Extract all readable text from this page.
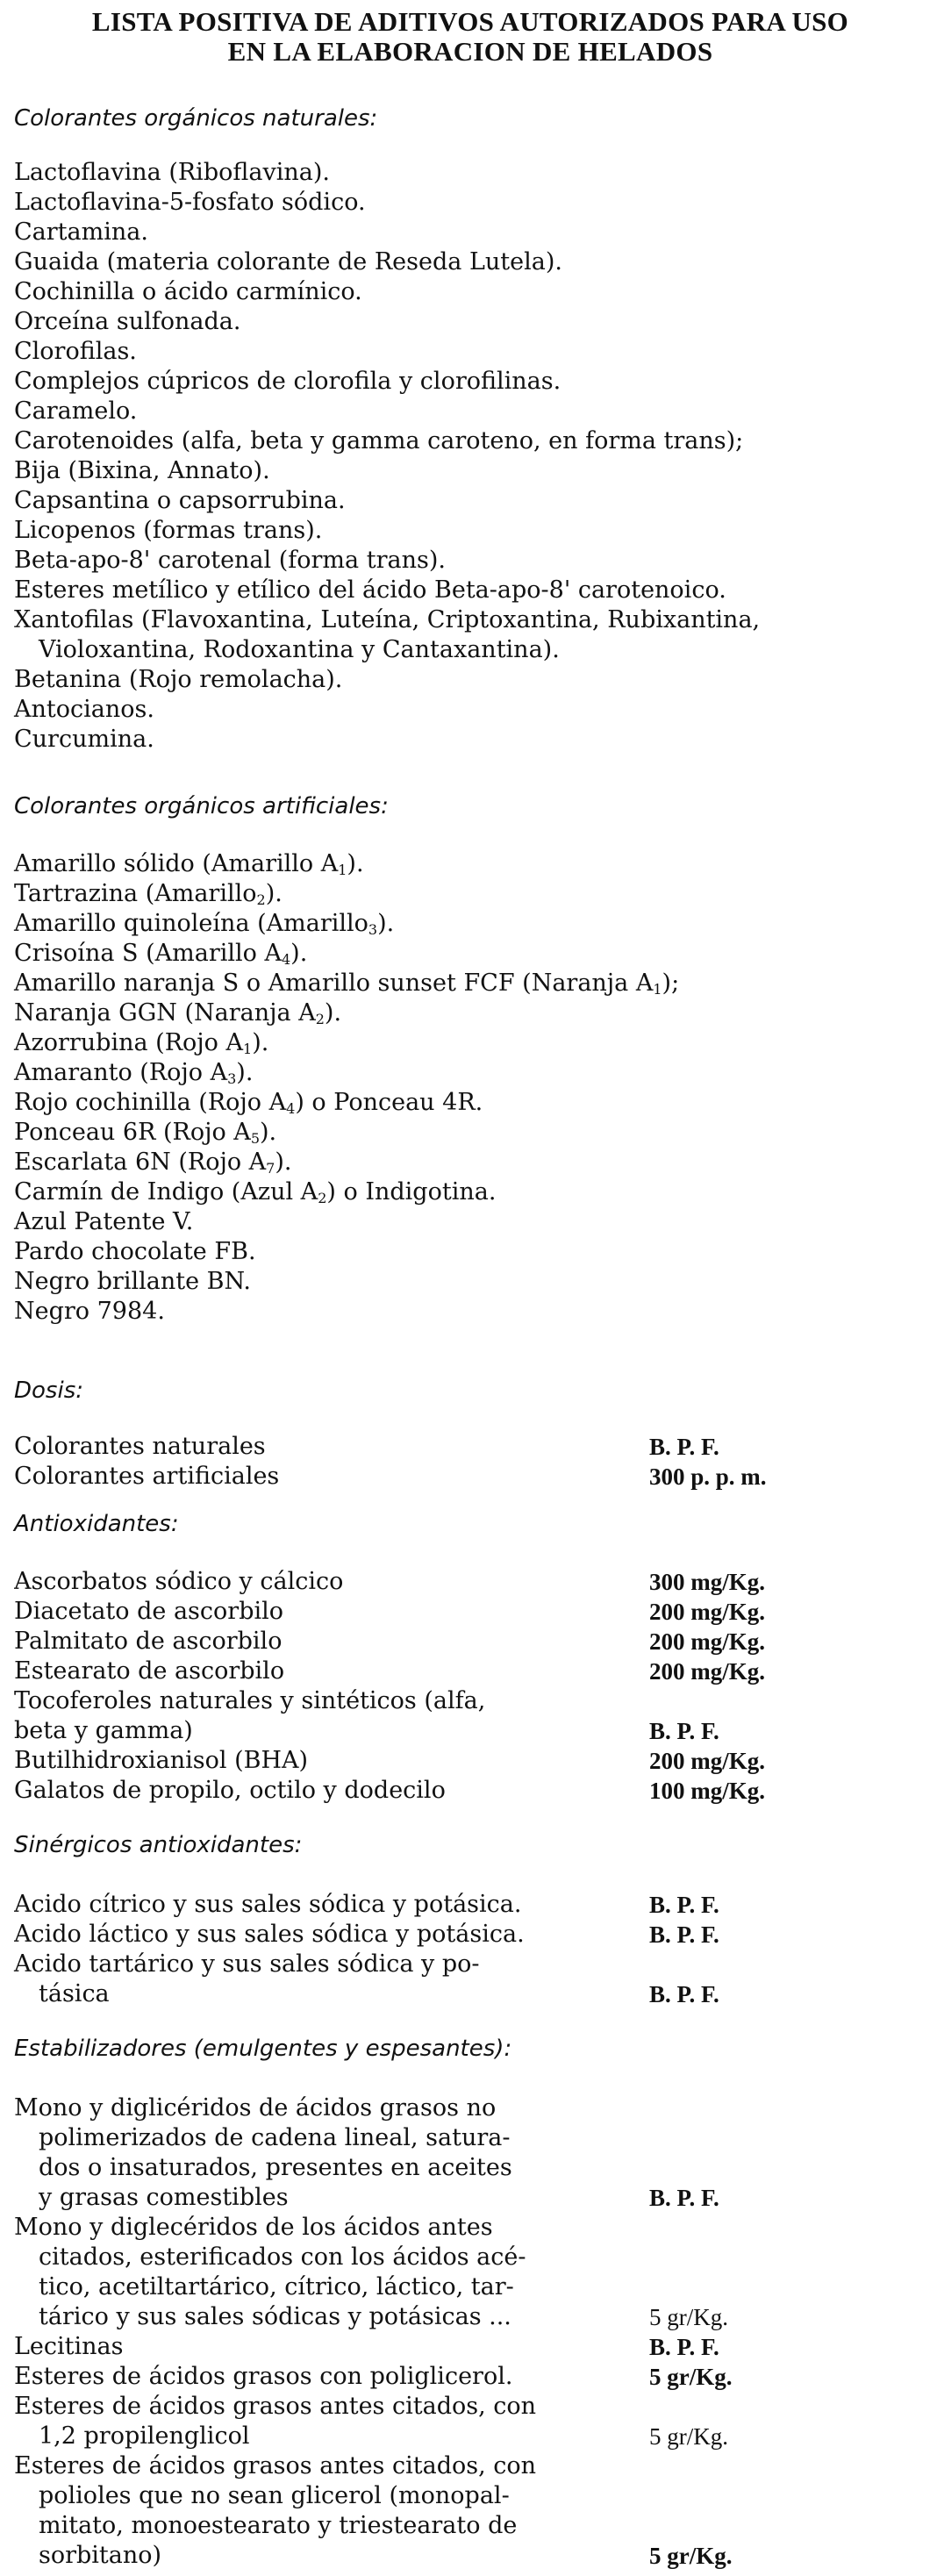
LISTA POSITIVA DE ADITIVOS AUTORIZADOS PARA USO
EN LA ELABORACION DE HELADOS
Colorantes orgánicos naturales:
Lactoflavina (Riboflavina).
Lactoflavina-5-fosfato sódico.
Cartamina.
Guaida (materia colorante de Reseda Lutela).
Cochinilla o ácido carmínico.
Orceína sulfonada.
Clorofilas.
Complejos cúpricos de clorofila y clorofilinas.
Caramelo.
Carotenoides (alfa, beta y gamma caroteno, en forma trans);
Bija (Bixina, Annato).
Capsantina o capsorrubina.
Licopenos (formas trans).
Beta-apo-8' carotenal (forma trans).
Esteres metílico y etílico del ácido Beta-apo-8' carotenoico.
Xantofilas (Flavoxantina, Luteína, Criptoxantina, Rubixantina,
Violoxantina, Rodoxantina y Cantaxantina).
Betanina (Rojo remolacha).
Antocianos.
Curcumina.
Colorantes orgánicos artificiales:
Amarillo sólido (Amarillo $A_1$).
Tartrazina (Amarillo$_2$).
Amarillo quinoleína (Amarillo$_3$).
Crisoína S (Amarillo $A_4$).
Amarillo naranja S o Amarillo sunset FCF (Naranja $A_1$);
Naranja GGN (Naranja $A_2$).
Azorrubina (Rojo $A_1$).
Amaranto (Rojo $A_3$).
Rojo cochinilla (Rojo $A_4$) o Ponceau 4R.
Ponceau 6R (Rojo $A_5$).
Escarlata 6N (Rojo $A_7$).
Carmín de Indigo (Azul $A_2$) o Indigotina.
Azul Patente V.
Pardo chocolate FB.
Negro brillante BN.
Negro 7984.
Dosis:
Colorantes naturales .....	B. P. F.
Colorantes artificiales .....	300 p. p. m.
Antioxidantes:
Ascorbatos sódico y cálcico .....	300 mg/Kg.
Diacetato de ascorbilo .....	200 mg/Kg.
Palmitato de ascorbilo .....	200 mg/Kg.
Estearato de ascorbilo .....	200 mg/Kg.
Tocoferoles naturales y sintéticos (alfa,
beta y gamma) .....	B. P. F.
Butilhidroxianisol (BHA) .....	200 mg/Kg.
Galatos de propilo, octilo y dodecilo .....	100 mg/Kg.
Sinérgicos antioxidantes:
Acido cítrico y sus sales sódica y potásica.	B. P. F.
Acido láctico y sus sales sódica y potásica.	B. P. F.
Acido tartárico y sus sales sódica y po-
tásica .....	B. P. F.
Estabilizadores (emulgentes y espesantes):
Mono y diglicéridos de ácidos grasos no
polimerizados de cadena lineal, satura-
dos o insaturados, presentes en aceites
y grasas comestibles .....	B. P. F.
Mono y diglecéridos de los ácidos antes
citados, esterificados con los ácidos acé-
tico, acetiltartárico, cítrico, láctico, tar-
tárico y sus sales sódicas y potásicas ...	5 gr/Kg.
Lecitinas .....	B. P. F.
Esteres de ácidos grasos con poliglicerol.	5 gr/Kg.
Esteres de ácidos grasos antes citados, con
1,2 propilenglicol	5 gr/Kg.
Esteres de ácidos grasos antes citados, con
polioles que no sean glicerol (monopal-
mitato, monoestearato y triestearato de
sorbitano) .....	5 gr/Kg.
